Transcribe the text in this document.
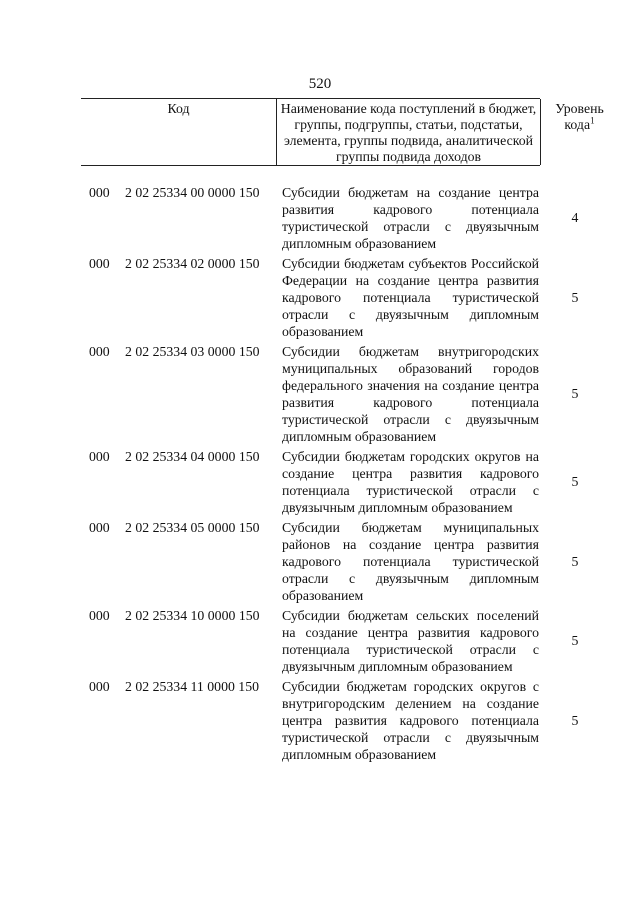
520
Код	Наименование кода поступлений в бюджет, группы, подгруппы, статьи, подстатьи, элемента, группы подвида, аналитической группы подвида доходов
Уровень
кода$^1$
000 2 02 25334 00 0000 150 Субсидии бюджетам на создание центра развития кадрового потенциала туристической отрасли с двуязычным дипломным образованием
4
000 2 02 25334 02 0000 150 Субсидии бюджетам субъектов Российской Федерации на создание центра развития кадрового потенциала туристической отрасли с двуязычным дипломным образованием
5
000 2 02 25334 03 0000 150 Субсидии бюджетам внутригородских муниципальных образований городов федерального значения на создание центра развития кадрового потенциала туристической отрасли с двуязычным дипломным образованием
5
000 2 02 25334 04 0000 150 Субсидии бюджетам городских округов на создание центра развития кадрового потенциала туристической отрасли с двуязычным дипломным образованием
5
000 2 02 25334 05 0000 150 Субсидии бюджетам муниципальных районов на создание центра развития кадрового потенциала туристической отрасли с двуязычным дипломным образованием
5
000 2 02 25334 10 0000 150 Субсидии бюджетам сельских поселений на создание центра развития кадрового потенциала туристической отрасли с двуязычным дипломным образованием
5
000 2 02 25334 11 0000 150 Субсидии бюджетам городских округов с внутригородским делением на создание центра развития кадрового потенциала туристической отрасли с двуязычным дипломным образованием
5
